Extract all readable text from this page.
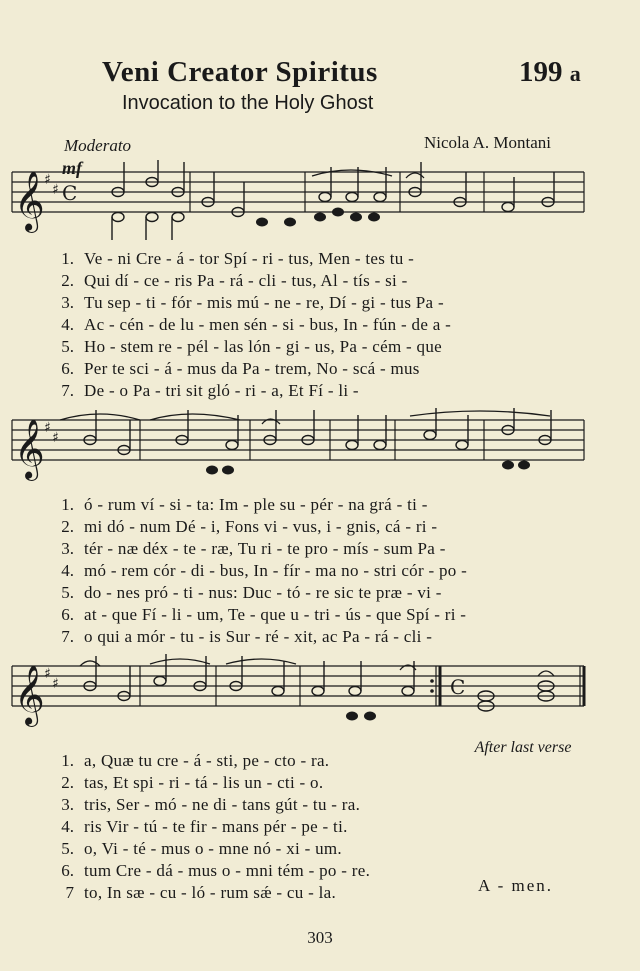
Veni Creator Spiritus	199 a
Invocation to the Holy Ghost
Moderato	Nicola A. Montani
mf
𝄞 ♯
♯ C
1. Ve - ni Cre - á - tor Spí - ri - tus, Men - tes tu -
2. Qui dí - ce - ris Pa - rá - cli - tus, Al - tís - si -
3. Tu sep - ti - fór - mis mú - ne - re, Dí - gi - tus Pa -
4. Ac - cén - de lu - men sén - si - bus, In - fún - de a -
5. Ho - stem re - pél - las lón - gi - us, Pa - cém - que
6. Per te sci - á - mus da Pa - trem, No - scá - mus
7. De - o Pa - tri sit gló - ri - a, Et Fí - li -
𝄞 ♯
♯
1. ó - rum ví - si - ta: Im - ple su - pér - na grá - ti -
2. mi dó - num Dé - i, Fons vi - vus, i - gnis, cá - ri -
3. tér - næ déx - te - ræ, Tu ri - te pro - mís - sum Pa -
4. mó - rem cór - di - bus, In - fír - ma no - stri cór - po -
5. do - nes pró - ti - nus: Duc - tó - re sic te præ - vi -
6. at - que Fí - li - um, Te - que u - tri - ús - que Spí - ri -
7. o qui a mór - tu - is Sur - ré - xit, ac Pa - rá - cli -
𝄞 ♯
♯	C
After last verse
1. a, Quæ tu cre - á - sti, pe - cto - ra.
2. tas, Et spi - ri - tá - lis un - cti - o.
3. tris, Ser - mó - ne di - tans gút - tu - ra.
4. ris Vir - tú - te fir - mans pér - pe - ti.
5. o, Vi - té - mus o - mne nó - xi - um.
6. tum Cre - dá - mus o - mni tém - po - re.
7 to, In sæ - cu - ló - rum sǽ - cu - la.	A - men.
303
